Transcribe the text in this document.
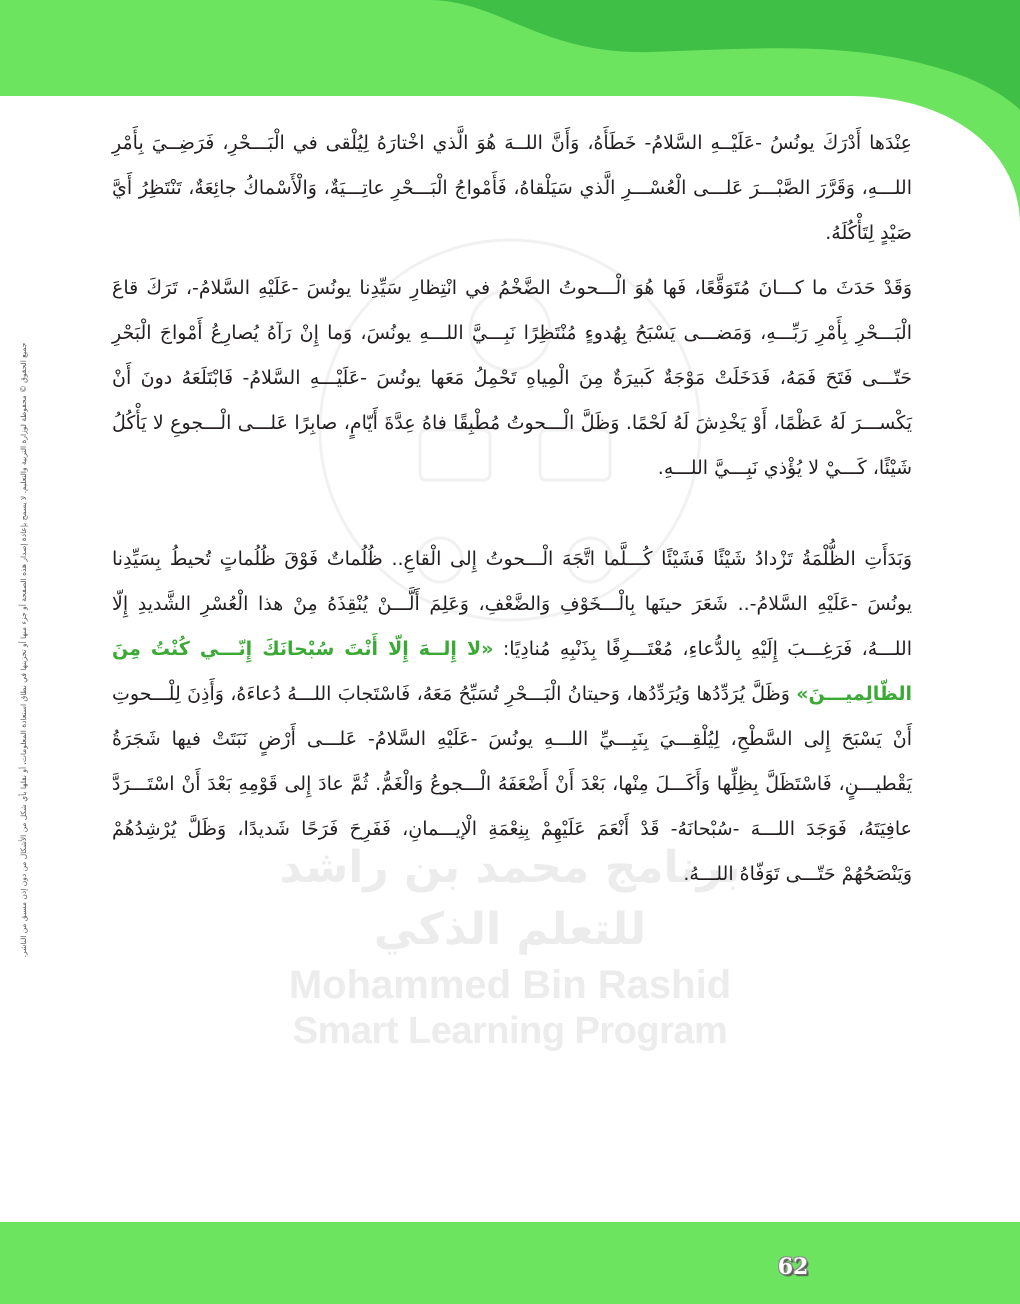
برنامج محمد بن راشد
للتعلم الذكي
Mohammed Bin Rashid
Smart Learning Program

عِنْدَها أَدْرَكَ يونُسُ -عَلَيْــهِ السَّلامُ- خَطَأَهُ، وَأَنَّ اللــهَ هُوَ الَّذي اخْتارَهُ لِيُلْقى في الْبَـــحْرِ، فَرَضِــيَ بِأَمْرِ اللـــهِ، وَقَرَّرَ الصَّبْـــرَ عَلـــى الْعُسْـــرِ الَّذي سَيَلْقاهُ، فَأَمْواجُ الْبَـــحْرِ عاتِـــيَةٌ، وَالْأَسْماكُ جائِعَةٌ، تَنْتَظِرُ أَيَّ صَيْدٍ لِتَأْكُلَهُ.

وَقَدْ حَدَثَ ما كـــانَ مُتَوَقَّعًا، فَها هُوَ الْـــحوتُ الضَّخْمُ في انْتِظارِ سَيِّدِنا يونُسَ -عَلَيْهِ السَّلامُ-، تَرَكَ قاعَ الْبَـــحْرِ بِأَمْرِ رَبِّـــهِ، وَمَضـــى يَسْبَحُ بِهُدوءٍ مُنْتَظِرًا نَبِـــيَّ اللـــهِ يونُسَ، وَما إِنْ رَآهُ يُصارِعُ أَمْواجَ الْبَحْرِ حَتّـــى فَتَحَ فَمَهُ، فَدَخَلَتْ مَوْجَةٌ كَبيرَةٌ مِنَ الْمِياهِ تَحْمِلُ مَعَها يونُسَ -عَلَيْـــهِ السَّلامُ- فَابْتَلَعَهُ دونَ أَنْ يَكْســـرَ لَهُ عَظْمًا، أَوْ يَخْدِشَ لَهُ لَحْمًا. وَظَلَّ الْـــحوتُ مُطْبِقًا فاهُ عِدَّةَ أَيّامٍ، صابِرًا عَلـــى الْـــجوعِ لا يَأْكُلُ شَيْئًا، كَـــيْ لا يُؤْذي نَبِـــيَّ اللـــهِ.

وَبَدَأَتِ الظُّلْمَةُ تَزْدادُ شَيْئًا فَشَيْئًا كُـــلَّما اتَّجَهَ الْـــحوتُ إِلى الْقاعِ.. ظُلُماتٌ فَوْقَ ظُلُماتٍ تُحيطُ بِسَيِّدِنا يونُسَ -عَلَيْهِ السَّلامُ-.. شَعَرَ حينَها بِالْـــخَوْفِ وَالضَّعْفِ، وَعَلِمَ أَلَّـــنْ يُنْقِذَهُ مِنْ هذا الْعُسْرِ الشَّديدِ إِلّا اللـــهُ، فَرَغِـــبَ إِلَيْهِ بِالدُّعاءِ، مُعْتَـــرِفًا بِذَنْبِهِ مُنادِيًا: «لا إِلــهَ إِلّا أَنْتَ سُبْحانَكَ إِنّـــي كُنْتُ مِنَ الظّالِميـــنَ» وَظَلَّ يُرَدِّدُها وَيُرَدِّدُها، وَحيتانُ الْبَـــحْرِ تُسَبِّحُ مَعَهُ، فَاسْتَجابَ اللـــهُ دُعاءَهُ، وَأَذِنَ لِلْـــحوتِ أَنْ يَسْبَحَ إِلى السَّطْحِ، لِيُلْقِـــيَ بِنَبِـــيِّ اللـــهِ يونُسَ -عَلَيْهِ السَّلامُ- عَلـــى أَرْضٍ نَبَتَتْ فيها شَجَرَةُ يَقْطيـــنٍ، فَاسْتَظَلَّ بِظِلِّها وَأَكَـــلَ مِنْها، بَعْدَ أَنْ أَضْعَفَهُ الْـــجوعُ وَالْغَمُّ. ثُمَّ عادَ إِلى قَوْمِهِ بَعْدَ أَنْ اسْتَـــرَدَّ عافِيَتَهُ، فَوَجَدَ اللـــهَ -سُبْحانَهُ- قَدْ أَنْعَمَ عَلَيْهِمْ بِنِعْمَةِ الْإيـــمانِ، فَفَرِحَ فَرَحًا شَديدًا، وَظَلَّ يُرْشِدُهُمْ وَيَنْصَحُهُمْ حَتّـــى تَوَفّاهُ اللـــهُ.

جميع الحقوق © محفوظة لوزارة التربية والتعليم. لا يسمح بإعادة إصدار هذه الصفحة أو جزء منها أو تخزينها في نطاق استعادة المعلومات، أو نقلها بأي شكل من الأشكال من دون إذن مسبق من الناشر.
62
